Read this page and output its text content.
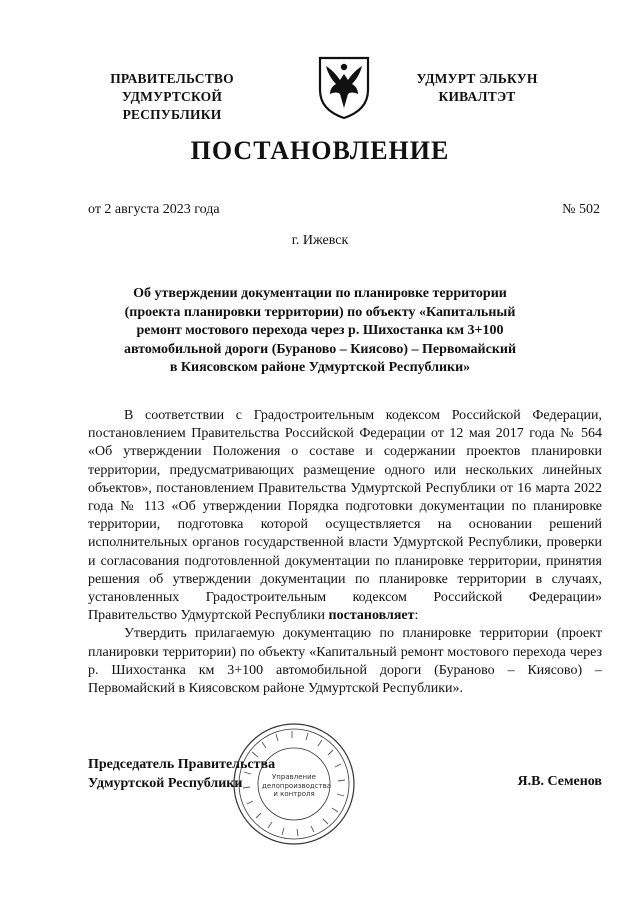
ПРАВИТЕЛЬСТВО
УДМУРТСКОЙ РЕСПУБЛИКИ
УДМУРТ ЭЛЬКУН
КИВАЛТЭТ
ПОСТАНОВЛЕНИЕ
от 2 августа 2023 года	№ 502
г. Ижевск
Об утверждении документации по планировке территории
(проекта планировки территории) по объекту «Капитальный
ремонт мостового перехода через р. Шихостанка км 3+100
автомобильной дороги (Бураново – Киясово) – Первомайский
в Киясовском районе Удмуртской Республики»

В соответствии с Градостроительным кодексом Российской Федерации, постановлением Правительства Российской Федерации от 12 мая 2017 года № 564 «Об утверждении Положения о составе и содержании проектов планировки территории, предусматривающих размещение одного или нескольких линейных объектов», постановлением Правительства Удмуртской Республики от 16 марта 2022 года № 113 «Об утверждении Порядка подготовки документации по планировке территории, подготовка которой осуществляется на основании решений исполнительных органов государственной власти Удмуртской Республики, проверки и согласования подготовленной документации по планировке территории, принятия решения об утверждении документации по планировке территории в случаях, установленных Градостроительным кодексом Российской Федерации» Правительство Удмуртской Республики постановляет:

Утвердить прилагаемую документацию по планировке территории (проект планировки территории) по объекту «Капитальный ремонт мостового перехода через р. Шихостанка км 3+100 автомобильной дороги (Бураново – Киясово) – Первомайский в Киясовском районе Удмуртской Республики».

Председатель Правительства
Удмуртской Республики	Управление
делопроизводства
и контроля
Я.В. Семенов
